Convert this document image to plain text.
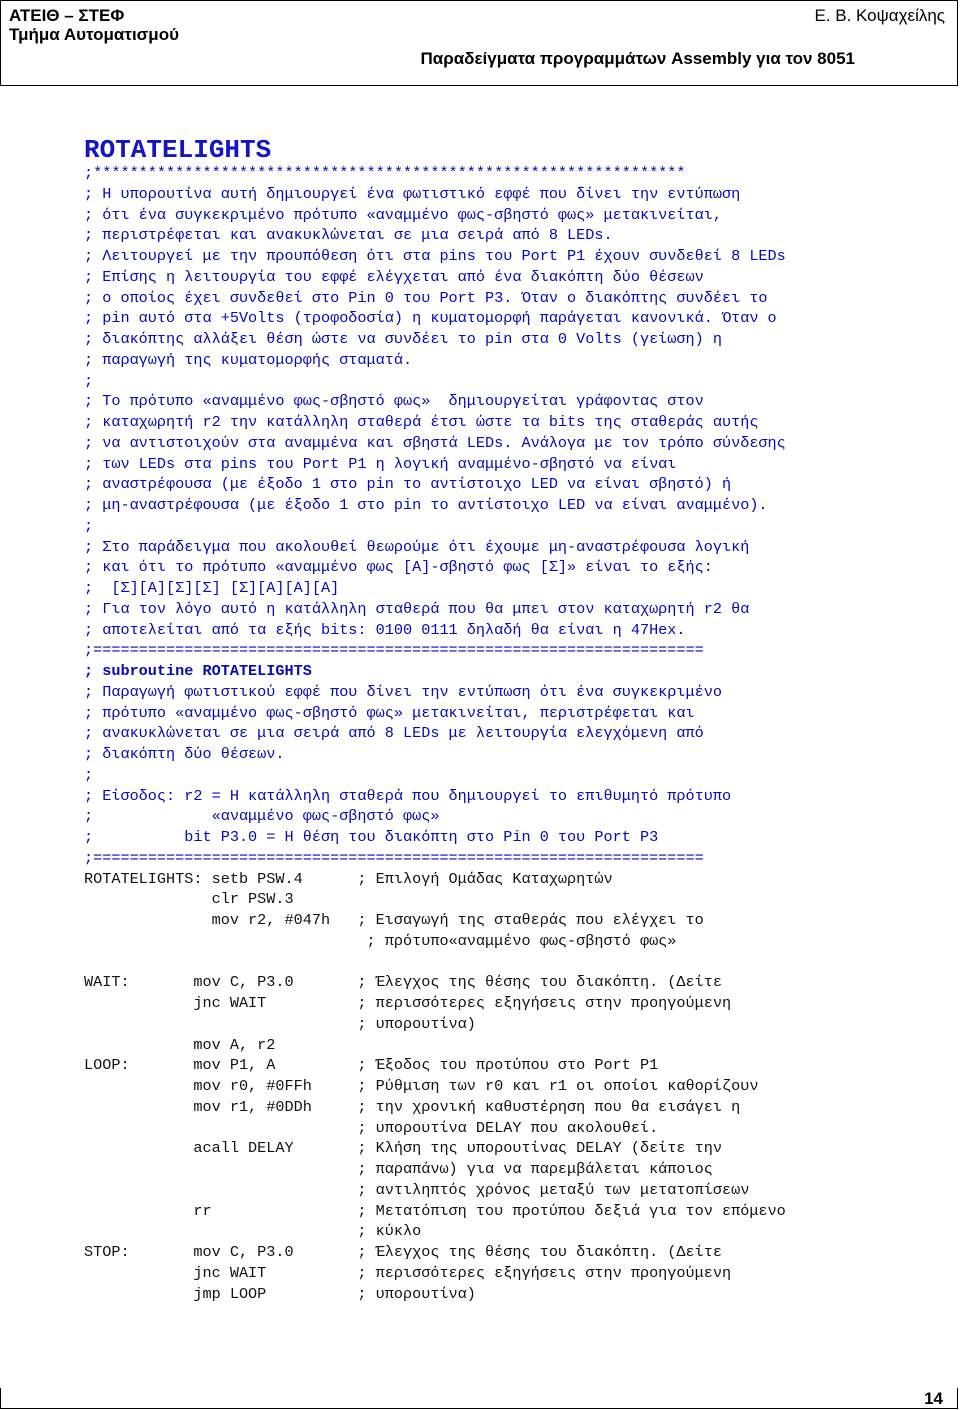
ΑΤΕΙΘ – ΣΤΕΦ
Τμήμα Αυτοματισμού
Ε. Β. Κοψαχείλης
Παραδείγματα προγραμμάτων Assembly για τον 8051
ROTATELIGHTS
;*****************************************************************
; Η υπορουτίνα αυτή δημιουργεί ένα φωτιστικό εφφέ που δίνει την εντύπωση
; ότι ένα συγκεκριμένο πρότυπο «αναμμένο φως-σβηστό φως» μετακινείται,
; περιστρέφεται και ανακυκλώνεται σε μια σειρά από 8 LEDs.
; Λειτουργεί με την προυπόθεση ότι στα pins του Port P1 έχουν συνδεθεί 8 LEDs
; Επίσης η λειτουργία του εφφέ ελέγχεται από ένα διακόπτη δύο θέσεων
; ο οποίος έχει συνδεθεί στο Pin 0 του Port P3. Όταν ο διακόπτης συνδέει το
; pin αυτό στα +5Volts (τροφοδοσία) η κυματομορφή παράγεται κανονικά. Όταν ο
; διακόπτης αλλάξει θέση ώστε να συνδέει το pin στα 0 Volts (γείωση) η
; παραγωγή της κυματομορφής σταματά.
;
; Το πρότυπο «αναμμένο φως-σβηστό φως»  δημιουργείται γράφοντας στον
; καταχωρητή r2 την κατάλληλη σταθερά έτσι ώστε τα bits της σταθεράς αυτής
; να αντιστοιχούν στα αναμμένα και σβηστά LEDs. Ανάλογα με τον τρόπο σύνδεσης
; των LEDs στα pins του Port P1 η λογική αναμμένο-σβηστό να είναι
; αναστρέφουσα (με έξοδο 1 στο pin το αντίστοιχο LED να είναι σβηστό) ή
; μη-αναστρέφουσα (με έξοδο 1 στο pin το αντίστοιχο LED να είναι αναμμένο).
;
; Στο παράδειγμα που ακολουθεί θεωρούμε ότι έχουμε μη-αναστρέφουσα λογική
; και ότι το πρότυπο «αναμμένο φως [Α]-σβηστό φως [Σ]» είναι το εξής:
;  [Σ][Α][Σ][Σ] [Σ][Α][Α][Α]
; Για τον λόγο αυτό η κατάλληλη σταθερά που θα μπει στον καταχωρητή r2 θα
; αποτελείται από τα εξής bits: 0100 0111 δηλαδή θα είναι η 47Hex.
;===================================================================
; subroutine ROTATELIGHTS
; Παραγωγή φωτιστικού εφφέ που δίνει την εντύπωση ότι ένα συγκεκριμένο
; πρότυπο «αναμμένο φως-σβηστό φως» μετακινείται, περιστρέφεται και
; ανακυκλώνεται σε μια σειρά από 8 LEDs με λειτουργία ελεγχόμενη από
; διακόπτη δύο θέσεων.
;
; Είσοδος: r2 = Η κατάλληλη σταθερά που δημιουργεί το επιθυμητό πρότυπο
;             «αναμμένο φως-σβηστό φως»
;          bit P3.0 = Η θέση του διακόπτη στο Pin 0 του Port P3
;===================================================================
ROTATELIGHTS: setb PSW.4      ; Επιλογή Ομάδας Καταχωρητών
clr PSW.3
mov r2, #047h   ; Εισαγωγή της σταθεράς που ελέγχει το
; πρότυπο«αναμμένο φως-σβηστό φως»
WAIT:       mov C, P3.0       ; Έλεγχος της θέσης του διακόπτη. (Δείτε
jnc WAIT          ; περισσότερες εξηγήσεις στην προηγούμενη
; υπορουτίνα)
mov A, r2
LOOP:       mov P1, A         ; Έξοδος του προτύπου στο Port P1
mov r0, #0FFh     ; Ρύθμιση των r0 και r1 οι οποίοι καθορίζουν
mov r1, #0DDh     ; την χρονική καθυστέρηση που θα εισάγει η
; υπορουτίνα DELAY που ακολουθεί.
acall DELAY       ; Κλήση της υπορουτίνας DELAY (δείτε την
; παραπάνω) για να παρεμβάλεται κάποιος
; αντιληπτός χρόνος μεταξύ των μετατοπίσεων
rr                ; Μετατόπιση του προτύπου δεξιά για τον επόμενο
; κύκλο
STOP:       mov C, P3.0       ; Έλεγχος της θέσης του διακόπτη. (Δείτε
jnc WAIT          ; περισσότερες εξηγήσεις στην προηγούμενη
jmp LOOP          ; υπορουτίνα)
14
